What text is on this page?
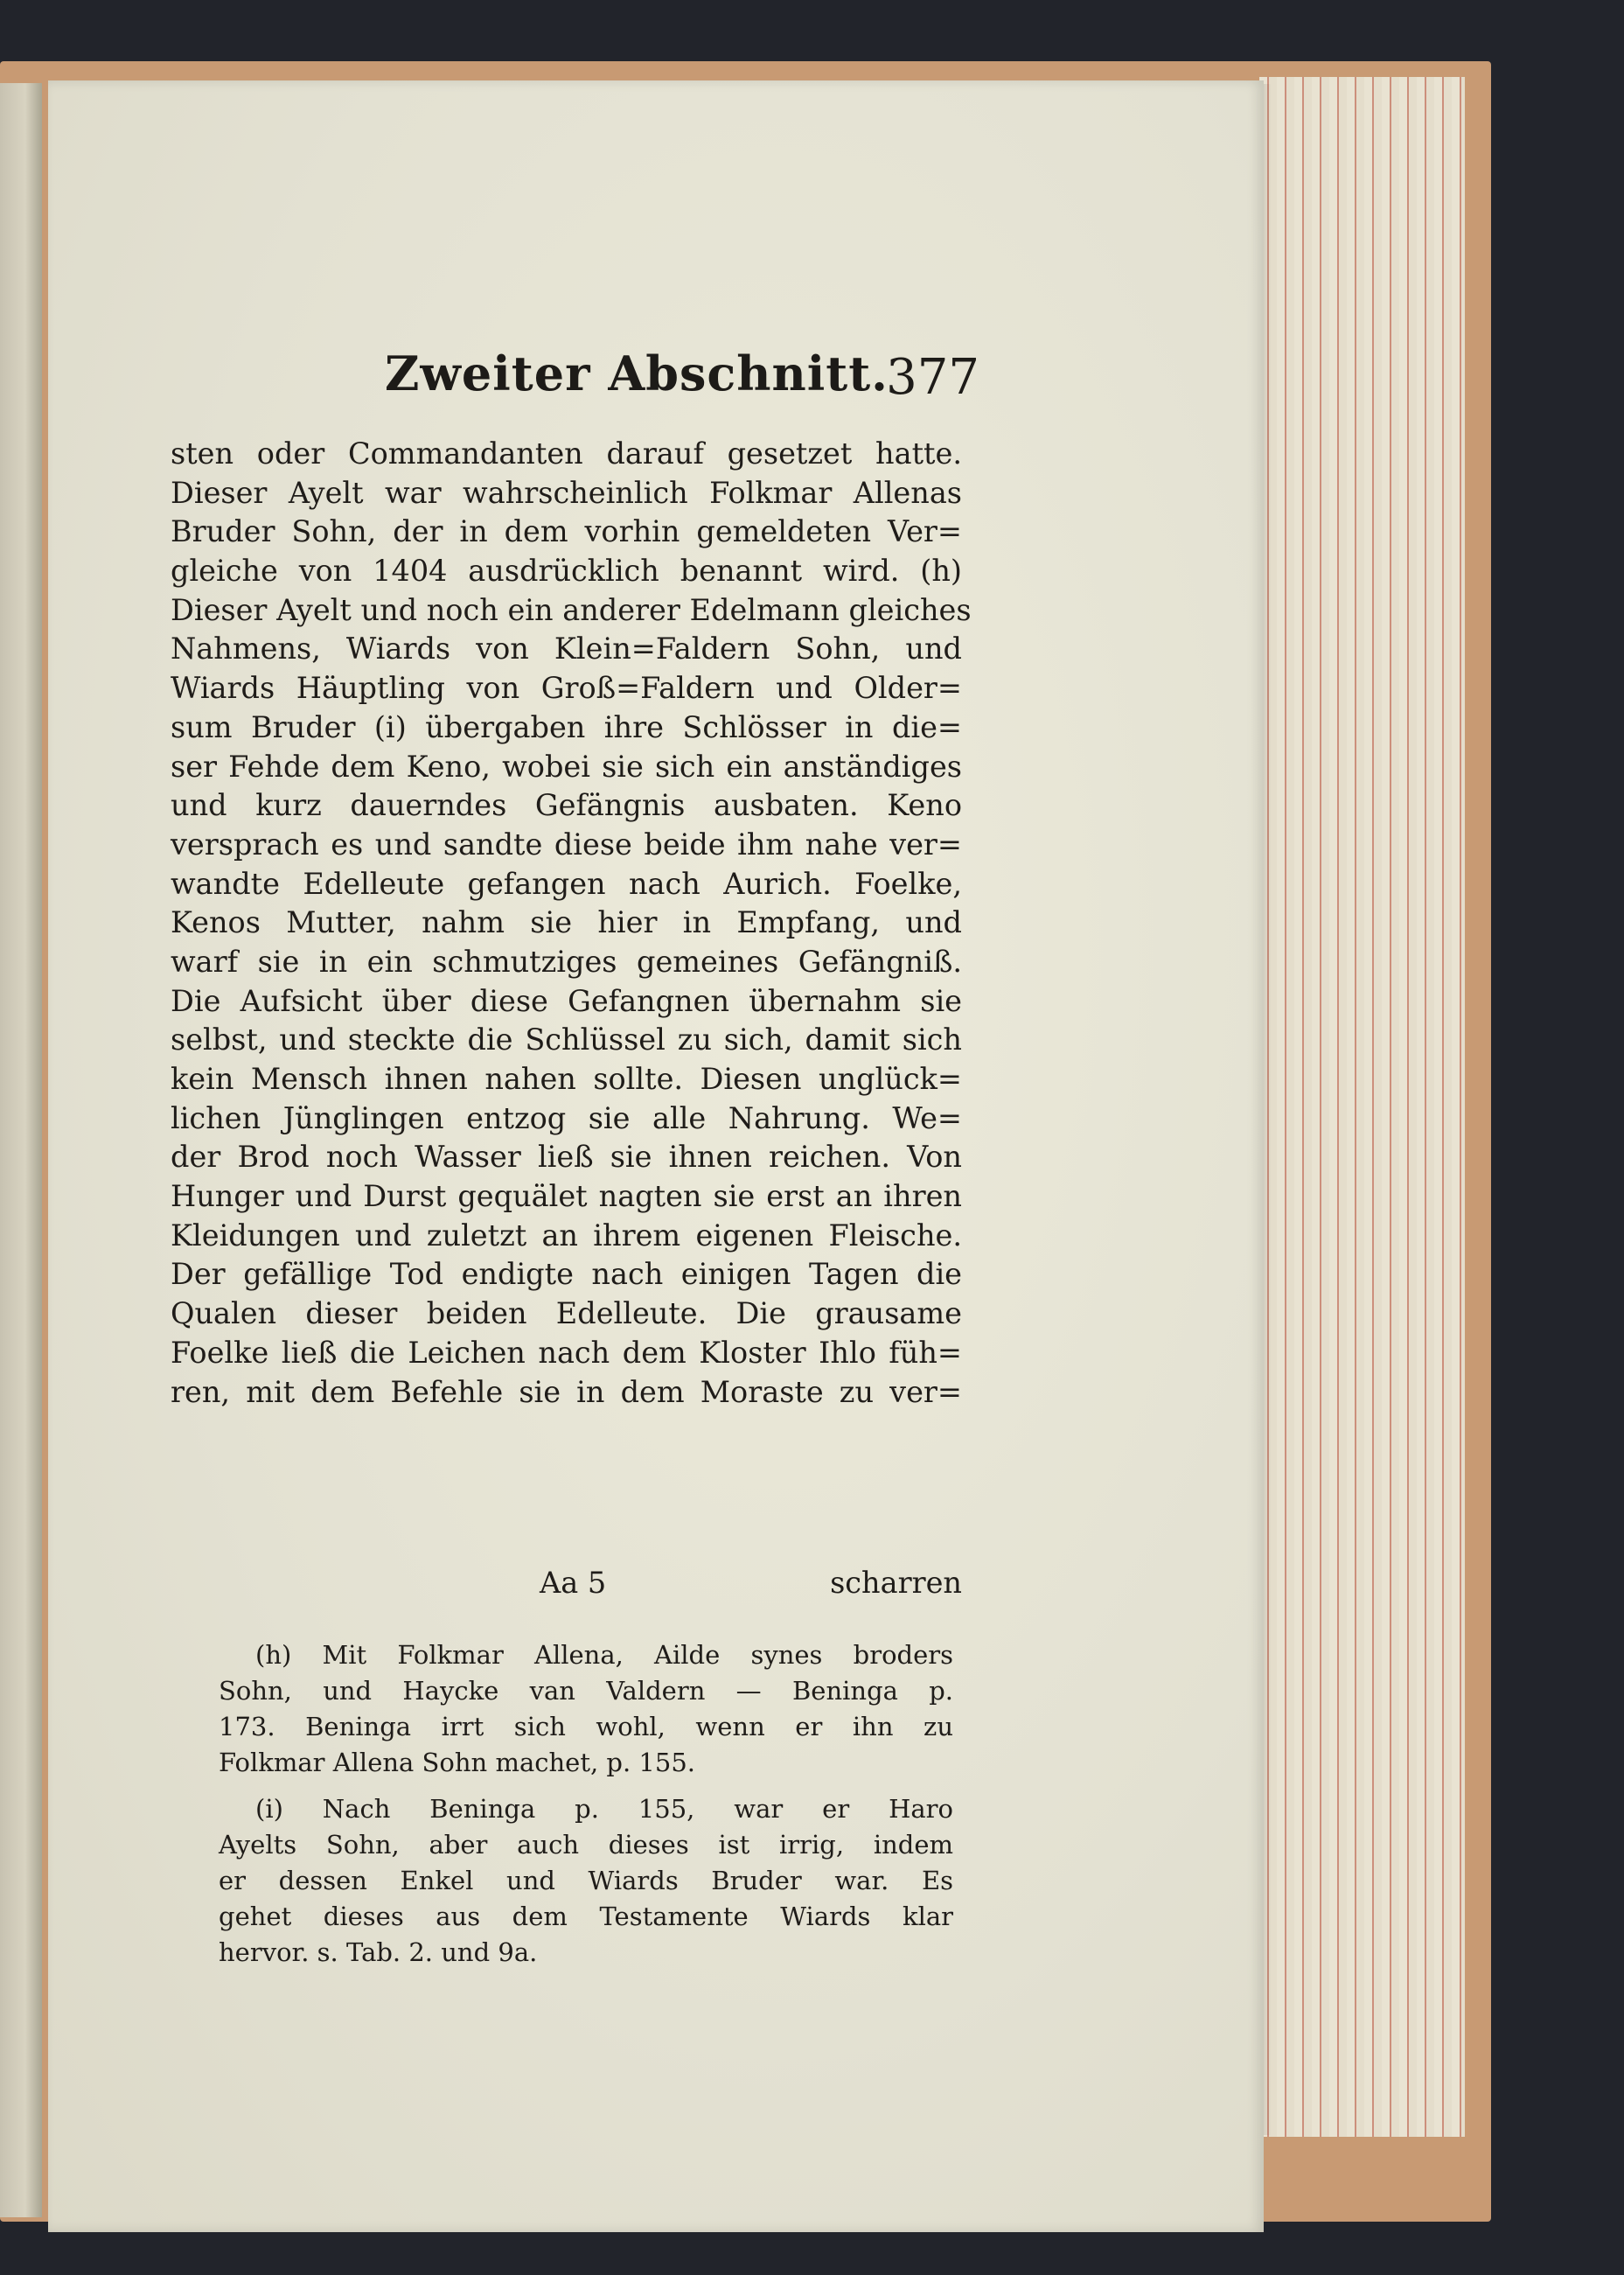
Zweiter Abschnitt.
377
sten oder Commandanten darauf gesetzet hatte.
Dieser Ayelt war wahrscheinlich Folkmar Allenas
Bruder Sohn, der in dem vorhin gemeldeten Ver=
gleiche von 1404 ausdrücklich benannt wird. (h)
Dieser Ayelt und noch ein anderer Edelmann gleiches
Nahmens, Wiards von Klein=Faldern Sohn, und
Wiards Häuptling von Groß=Faldern und Older=
sum Bruder (i) übergaben ihre Schlösser in die=
ser Fehde dem Keno, wobei sie sich ein anständiges
und kurz dauerndes Gefängnis ausbaten. Keno
versprach es und sandte diese beide ihm nahe ver=
wandte Edelleute gefangen nach Aurich. Foelke,
Kenos Mutter, nahm sie hier in Empfang, und
warf sie in ein schmutziges gemeines Gefängniß.
Die Aufsicht über diese Gefangnen übernahm sie
selbst, und steckte die Schlüssel zu sich, damit sich
kein Mensch ihnen nahen sollte. Diesen unglück=
lichen Jünglingen entzog sie alle Nahrung. We=
der Brod noch Wasser ließ sie ihnen reichen. Von
Hunger und Durst gequälet nagten sie erst an ihren
Kleidungen und zuletzt an ihrem eigenen Fleische.
Der gefällige Tod endigte nach einigen Tagen die
Qualen dieser beiden Edelleute. Die grausame
Foelke ließ die Leichen nach dem Kloster Ihlo füh=
ren, mit dem Befehle sie in dem Moraste zu ver=
Aa 5	scharren
(h) Mit Folkmar Allena, Ailde synes broders
Sohn, und Haycke van Valdern — Beninga p.
173. Beninga irrt sich wohl, wenn er ihn zu
Folkmar Allena Sohn machet, p. 155.
(i) Nach Beninga p. 155, war er Haro
Ayelts Sohn, aber auch dieses ist irrig, indem
er dessen Enkel und Wiards Bruder war. Es
gehet dieses aus dem Testamente Wiards klar
hervor. s. Tab. 2. und 9a.
